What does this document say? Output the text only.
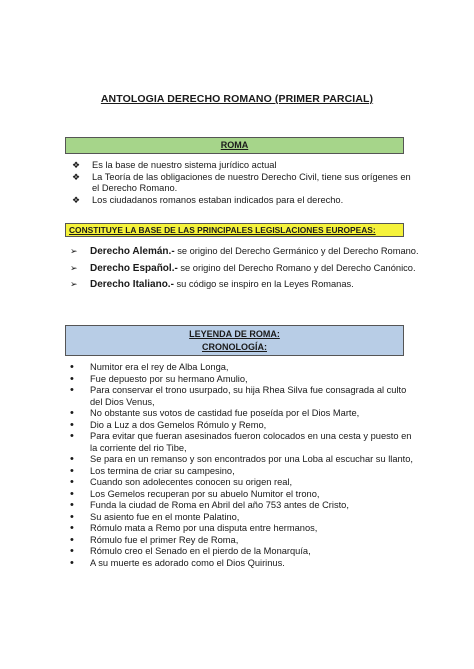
ANTOLOGIA DERECHO ROMANO (PRIMER PARCIAL)
ROMA
❖	Es la base de nuestro sistema jurídico actual
❖	La Teoría de las obligaciones de nuestro Derecho Civil, tiene sus orígenes en el Derecho Romano.
❖	Los ciudadanos romanos estaban indicados para el derecho.
CONSTITUYE LA BASE DE LAS PRINCIPALES LEGISLACIONES EUROPEAS:
➢	Derecho Alemán.- se origino del Derecho Germánico y del Derecho Romano.
➢	Derecho Español.- se origino del Derecho Romano y del Derecho Canónico.
➢	Derecho Italiano.- su código se inspiro en la Leyes Romanas.
LEYENDA DE ROMA:
CRONOLOGÍA:
•	Numitor era el rey de Alba Longa,
•	Fue depuesto por su hermano Amulio,
•	Para conservar el trono usurpado, su hija Rhea Silva fue consagrada al culto del Dios Venus,
•	No obstante sus votos de castidad fue poseída por el Dios Marte,
•	Dio a Luz a dos Gemelos Rómulo y Remo,
•	Para evitar que fueran asesinados fueron colocados en una cesta y puesto en la corriente del rio Tibe,
•	Se para en un remanso y son encontrados por una Loba al escuchar su llanto,
•	Los termina de criar su campesino,
•	Cuando son adolecentes conocen su origen real,
•	Los Gemelos recuperan por su abuelo Numitor el trono,
•	Funda la ciudad de Roma en Abril del año 753 antes de Cristo,
•	Su asiento fue en el monte Palatino,
•	Rómulo mata a Remo por una disputa entre hermanos,
•	Rómulo fue el primer Rey de Roma,
•	Rómulo creo el Senado en el pierdo de la Monarquía,
•	A su muerte es adorado como el Dios Quirinus.
